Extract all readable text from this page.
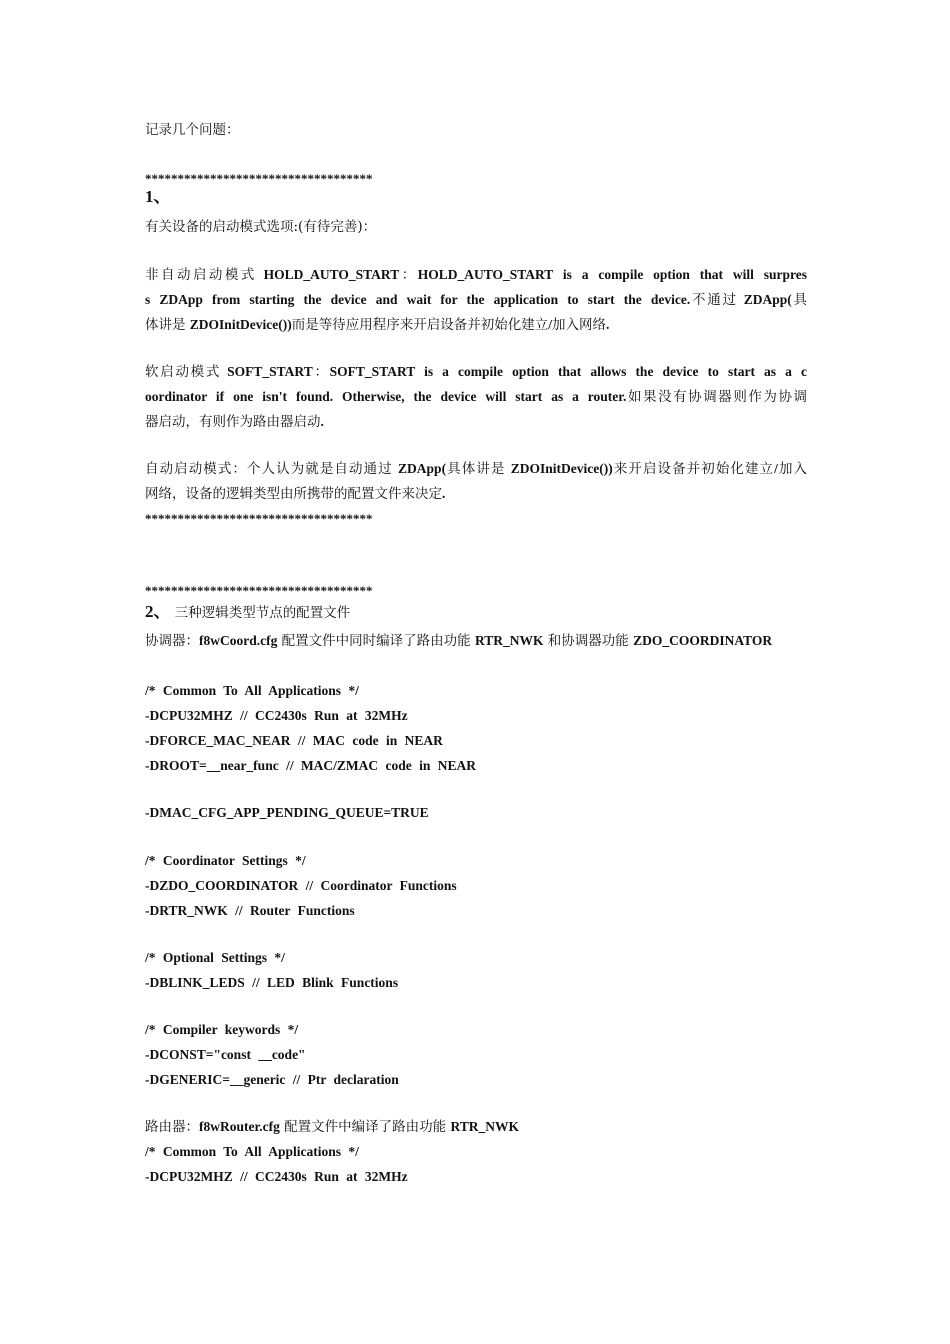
记录几个问题：
***********************************
1、
有关设备的启动模式选项:(有待完善)：
非自动启动模式 HOLD_AUTO_START：HOLD_AUTO_START is a compile option that will surpres
s ZDApp from starting the device and wait for the application to start the device.不通过 ZDApp(具
体讲是 ZDOInitDevice())而是等待应用程序来开启设备并初始化建立/加入网络.
软启动模式 SOFT_START：SOFT_START is a compile option that allows the device to start as a c
oordinator if one isn't found. Otherwise, the device will start as a router.如果没有协调器则作为协调
器启动，有则作为路由器启动.
自动启动模式：个人认为就是自动通过 ZDApp(具体讲是 ZDOInitDevice())来开启设备并初始化建立/加入
网络，设备的逻辑类型由所携带的配置文件来决定.
***********************************
***********************************
2、 三种逻辑类型节点的配置文件
协调器：f8wCoord.cfg 配置文件中同时编译了路由功能 RTR_NWK 和协调器功能 ZDO_COORDINATOR
/* Common To All Applications */
-DCPU32MHZ // CC2430s Run at 32MHz
-DFORCE_MAC_NEAR // MAC code in NEAR
-DROOT=__near_func // MAC/ZMAC code in NEAR
-DMAC_CFG_APP_PENDING_QUEUE=TRUE
/* Coordinator Settings */
-DZDO_COORDINATOR // Coordinator Functions
-DRTR_NWK // Router Functions
/* Optional Settings */
-DBLINK_LEDS // LED Blink Functions
/* Compiler keywords */
-DCONST="const __code"
-DGENERIC=__generic // Ptr declaration
路由器：f8wRouter.cfg 配置文件中编译了路由功能 RTR_NWK
/* Common To All Applications */
-DCPU32MHZ // CC2430s Run at 32MHz
